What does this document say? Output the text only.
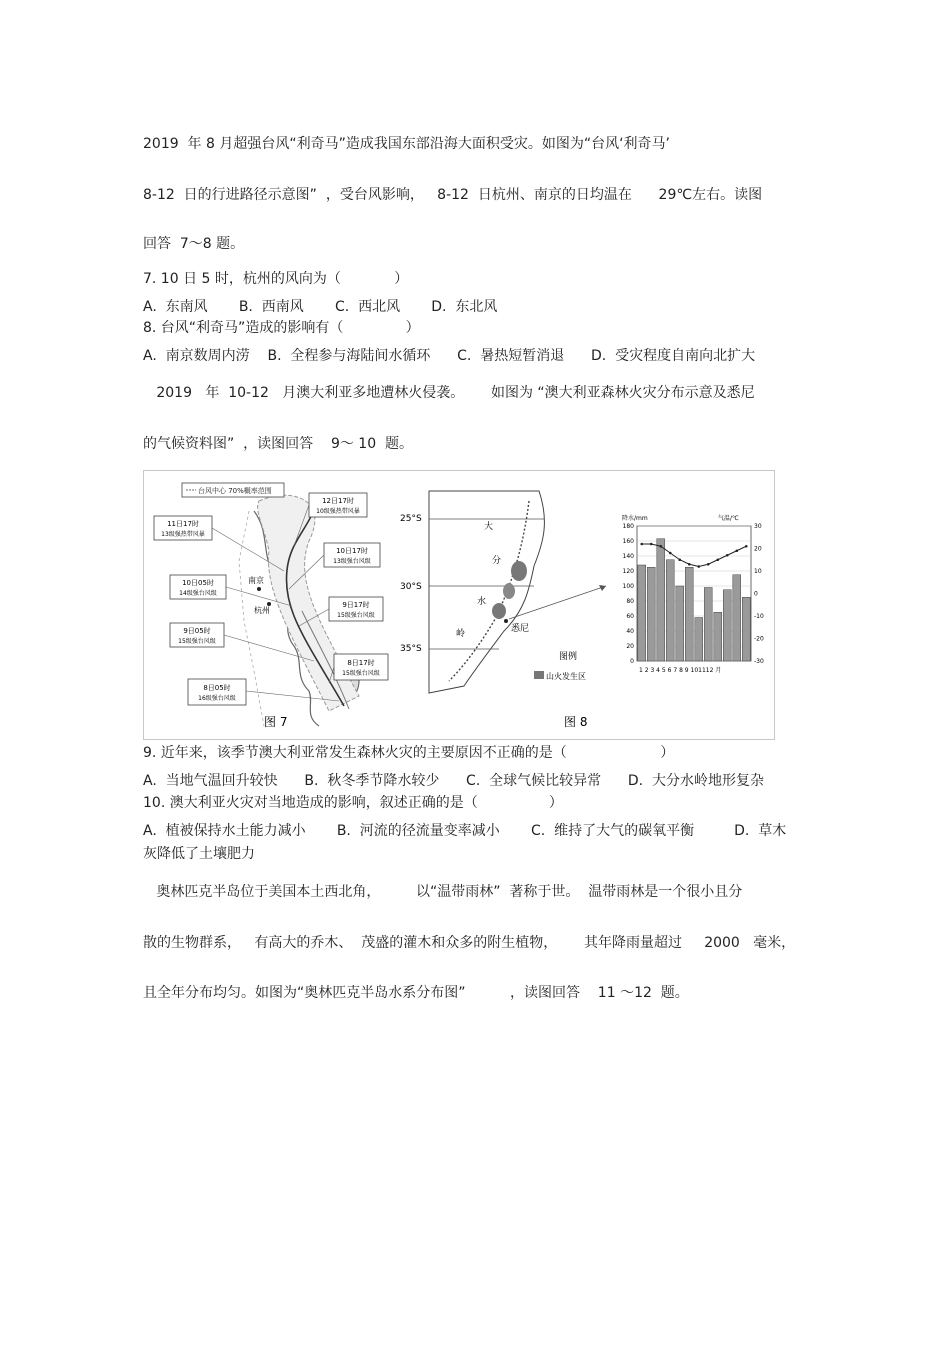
2019  年 8 月超强台风“利奇马”造成我国东部沿海大面积受灾。如图为“台风‘利奇马’
8-12  日的行进路径示意图”  ，受台风影响，   8-12  日杭州、南京的日均温在      29℃左右。读图
回答  7～8 题。
7. 10 日 5 时，杭州的风向为（            ）
A.  东南风       B.  西南风       C.  西北风       D.  东北风
8. 台风“利奇马”造成的影响有（              ）
A.  南京数周内涝    B.  全程参与海陆间水循环      C.  暑热短暂消退      D.  受灾程度自南向北扩大
2019   年  10-12   月澳大利亚多地遭林火侵袭。      如图为 “澳大利亚森林火灾分布示意及悉尼
的气候资料图”  ，读图回答    9～ 10  题。
台风中心 70%概率范围
12日17时
10级强热带风暴
11日17时
13级强热带风暴
10日17时
13级强台风级
10日05时
14级强台风级
9日17时
15级强台风级
9日05时
15级强台风级
8日17时
15级强台风级
8日05时
16级强台风级
南京
杭州
图 7
25°S
30°S
35°S
大
分
水
岭	悉尼
图例
山火发生区
图 8
降水/mm	气温/℃
180
160
140
120
100
80
60
40
20
0
30
20
10
0
-10
-20
-30
1 2 3 4 5 6 7 8 9 101112 月
9. 近年来，该季节澳大利亚常发生森林火灾的主要原因不正确的是（                     ）
A.  当地气温回升较快      B.  秋冬季节降水较少      C.  全球气候比较异常      D.  大分水岭地形复杂
10. 澳大利亚火灾对当地造成的影响，叙述正确的是（                ）
A.  植被保持水土能力减小       B.  河流的径流量变率减小       C.  维持了大气的碳氧平衡         D.  草木
灰降低了土壤肥力
奥林匹克半岛位于美国本土西北角，        以“温带雨林”  著称于世。  温带雨林是一个很小且分
散的生物群系，   有高大的乔木、  茂盛的灌木和众多的附生植物，      其年降雨量超过     2000   毫米，
且全年分布均匀。如图为“奥林匹克半岛水系分布图”          ，读图回答    11 ～12  题。
